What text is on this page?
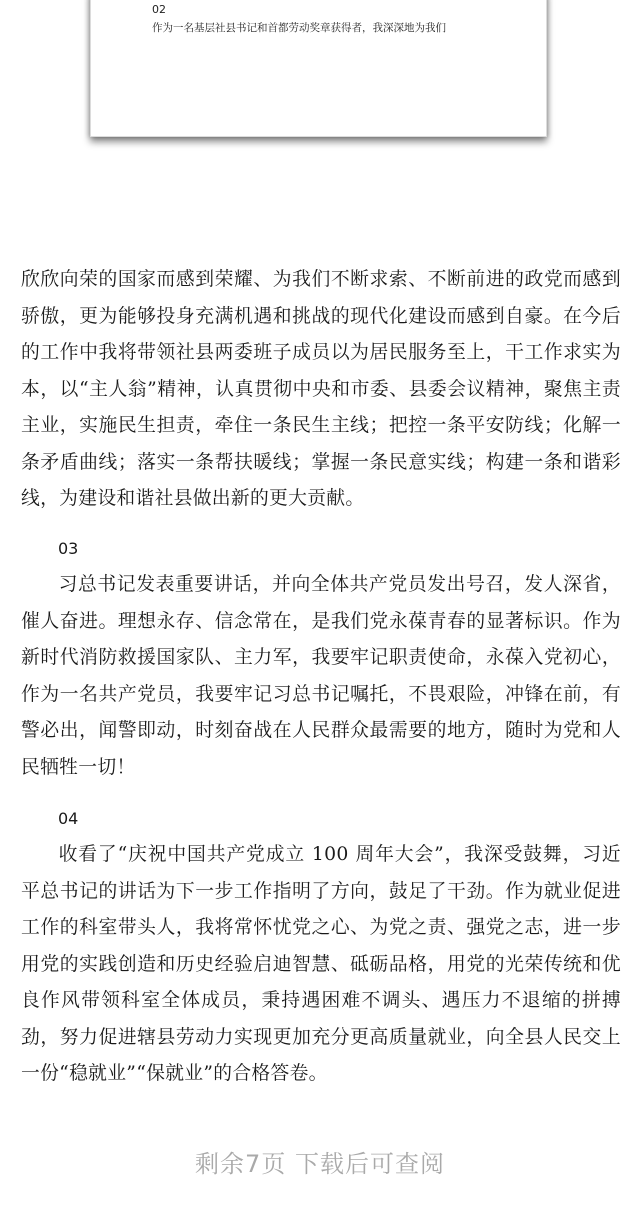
02
作为一名基层社县书记和首都劳动奖章获得者，我深深地为我们

欣欣向荣的国家而感到荣耀、为我们不断求索、不断前进的政党而感到骄傲，更为能够投身充满机遇和挑战的现代化建设而感到自豪。在今后的工作中我将带领社县两委班子成员以为居民服务至上，干工作求实为本，以“主人翁”精神，认真贯彻中央和市委、县委会议精神，聚焦主责主业，实施民生担责，牵住一条民生主线；把控一条平安防线；化解一条矛盾曲线；落实一条帮扶暖线；掌握一条民意实线；构建一条和谐彩线，为建设和谐社县做出新的更大贡献。

03

习总书记发表重要讲话，并向全体共产党员发出号召，发人深省，催人奋进。理想永存、信念常在，是我们党永葆青春的显著标识。作为新时代消防救援国家队、主力军，我要牢记职责使命，永葆入党初心，作为一名共产党员，我要牢记习总书记嘱托，不畏艰险，冲锋在前，有警必出，闻警即动，时刻奋战在人民群众最需要的地方，随时为党和人民牺牲一切！

04

收看了“庆祝中国共产党成立 100 周年大会”，我深受鼓舞，习近平总书记的讲话为下一步工作指明了方向，鼓足了干劲。作为就业促进工作的科室带头人，我将常怀忧党之心、为党之责、强党之志，进一步用党的实践创造和历史经验启迪智慧、砥砺品格，用党的光荣传统和优良作风带领科室全体成员，秉持遇困难不调头、遇压力不退缩的拼搏劲，努力促进辖县劳动力实现更加充分更高质量就业，向全县人民交上一份“稳就业”“保就业”的合格答卷。

剩余7页 下载后可查阅
